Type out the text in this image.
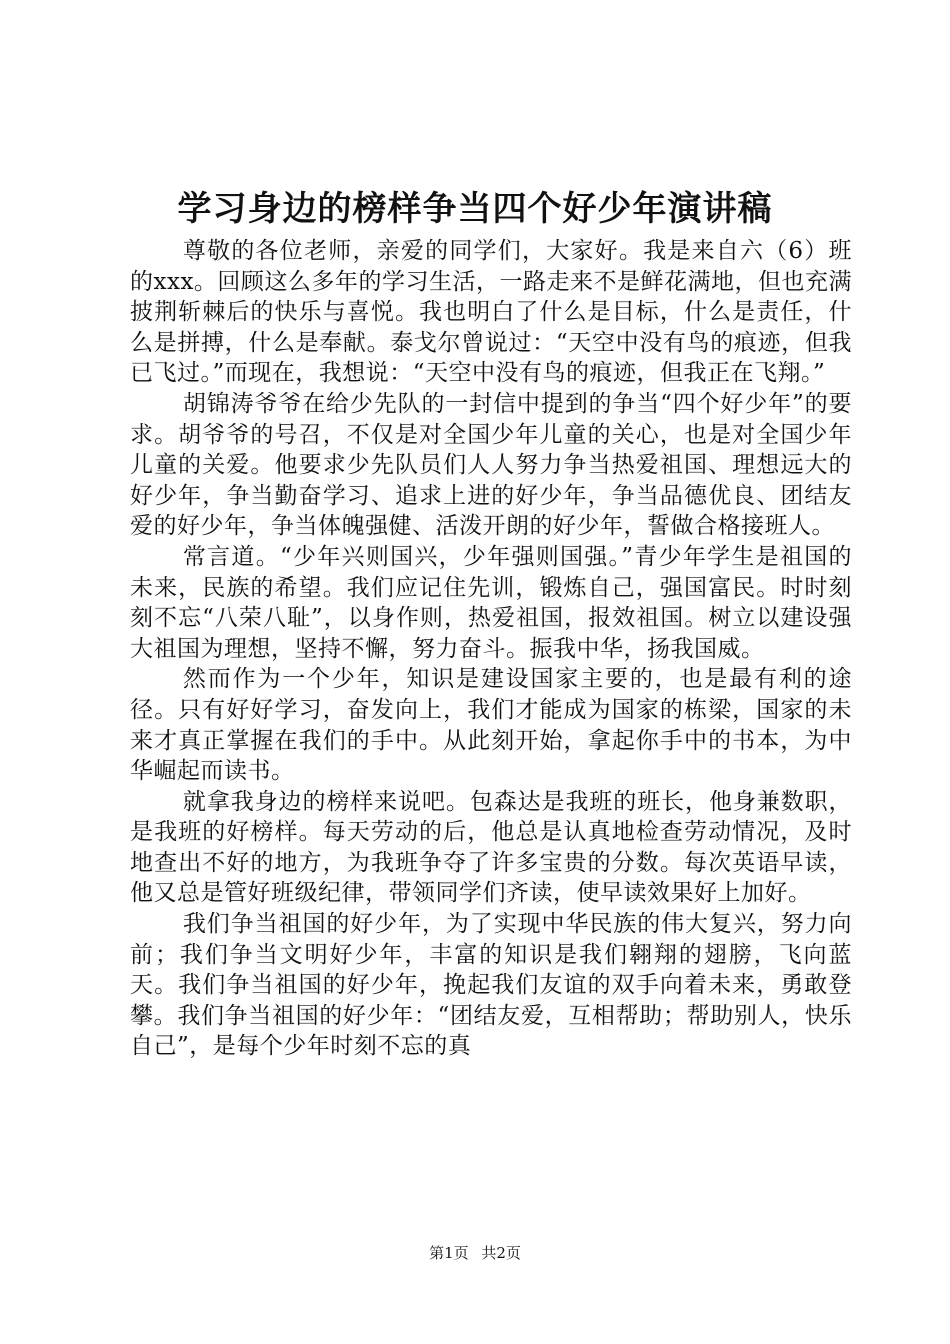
学习身边的榜样争当四个好少年演讲稿

尊敬的各位老师，亲爱的同学们，大家好。我是来自六（6）班的xxx。回顾这么多年的学习生活，一路走来不是鲜花满地，但也充满披荆斩棘后的快乐与喜悦。我也明白了什么是目标，什么是责任，什么是拼搏，什么是奉献。泰戈尔曾说过：“天空中没有鸟的痕迹，但我已飞过。”而现在，我想说：“天空中没有鸟的痕迹，但我正在飞翔。”

胡锦涛爷爷在给少先队的一封信中提到的争当“四个好少年”的要求。胡爷爷的号召，不仅是对全国少年儿童的关心，也是对全国少年儿童的关爱。他要求少先队员们人人努力争当热爱祖国、理想远大的好少年，争当勤奋学习、追求上进的好少年，争当品德优良、团结友爱的好少年，争当体魄强健、活泼开朗的好少年，誓做合格接班人。

常言道。“少年兴则国兴，少年强则国强。”青少年学生是祖国的未来，民族的希望。我们应记住先训，锻炼自己，强国富民。时时刻刻不忘“八荣八耻”，以身作则，热爱祖国，报效祖国。树立以建设强大祖国为理想，坚持不懈，努力奋斗。振我中华，扬我国威。

然而作为一个少年，知识是建设国家主要的，也是最有利的途径。只有好好学习，奋发向上，我们才能成为国家的栋梁，国家的未来才真正掌握在我们的手中。从此刻开始，拿起你手中的书本，为中华崛起而读书。

就拿我身边的榜样来说吧。包森达是我班的班长，他身兼数职，是我班的好榜样。每天劳动的后，他总是认真地检查劳动情况，及时地查出不好的地方，为我班争夺了许多宝贵的分数。每次英语早读，他又总是管好班级纪律，带领同学们齐读，使早读效果好上加好。

我们争当祖国的好少年，为了实现中华民族的伟大复兴，努力向前；我们争当文明好少年，丰富的知识是我们翱翔的翅膀，飞向蓝天。我们争当祖国的好少年，挽起我们友谊的双手向着未来，勇敢登攀。我们争当祖国的好少年：“团结友爱，互相帮助；帮助别人，快乐自己”，是每个少年时刻不忘的真

第1页 共2页
